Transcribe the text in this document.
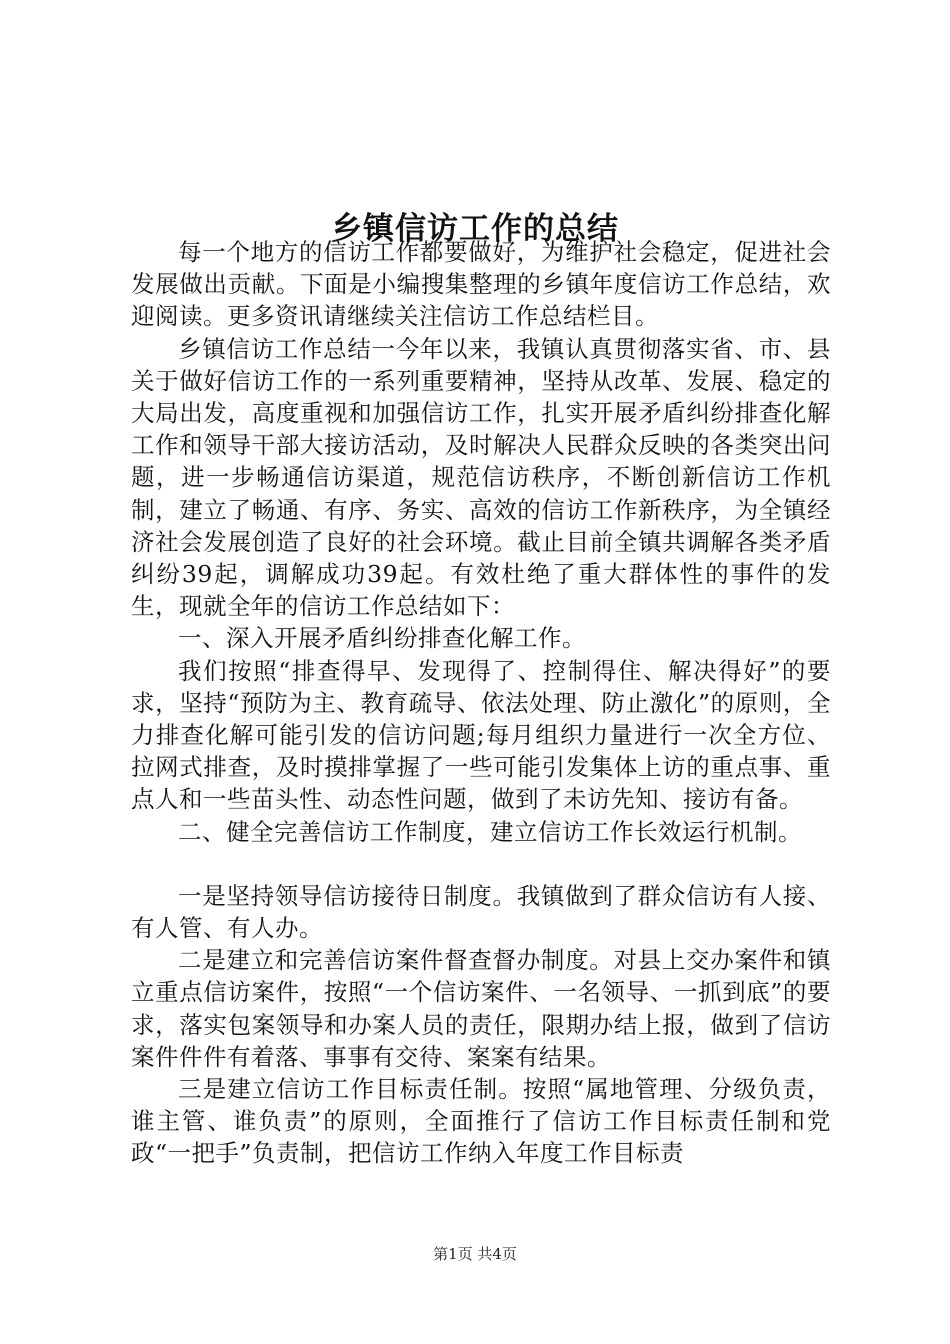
乡镇信访工作的总结

每一个地方的信访工作都要做好，为维护社会稳定，促进社会发展做出贡献。下面是小编搜集整理的乡镇年度信访工作总结，欢迎阅读。更多资讯请继续关注信访工作总结栏目。

乡镇信访工作总结一今年以来，我镇认真贯彻落实省、市、县关于做好信访工作的一系列重要精神，坚持从改革、发展、稳定的大局出发，高度重视和加强信访工作，扎实开展矛盾纠纷排查化解工作和领导干部大接访活动，及时解决人民群众反映的各类突出问题，进一步畅通信访渠道，规范信访秩序，不断创新信访工作机制，建立了畅通、有序、务实、高效的信访工作新秩序，为全镇经济社会发展创造了良好的社会环境。截止目前全镇共调解各类矛盾纠纷39起，调解成功39起。有效杜绝了重大群体性的事件的发生，现就全年的信访工作总结如下：

一、深入开展矛盾纠纷排查化解工作。

我们按照“排查得早、发现得了、控制得住、解决得好”的要求，坚持“预防为主、教育疏导、依法处理、防止激化”的原则，全力排查化解可能引发的信访问题;每月组织力量进行一次全方位、拉网式排查，及时摸排掌握了一些可能引发集体上访的重点事、重点人和一些苗头性、动态性问题，做到了未访先知、接访有备。

二、健全完善信访工作制度，建立信访工作长效运行机制。

一是坚持领导信访接待日制度。我镇做到了群众信访有人接、有人管、有人办。

二是建立和完善信访案件督查督办制度。对县上交办案件和镇立重点信访案件，按照“一个信访案件、一名领导、一抓到底”的要求，落实包案领导和办案人员的责任，限期办结上报，做到了信访案件件件有着落、事事有交待、案案有结果。

三是建立信访工作目标责任制。按照“属地管理、分级负责，谁主管、谁负责”的原则，全面推行了信访工作目标责任制和党政“一把手”负责制，把信访工作纳入年度工作目标责

第1页 共4页
